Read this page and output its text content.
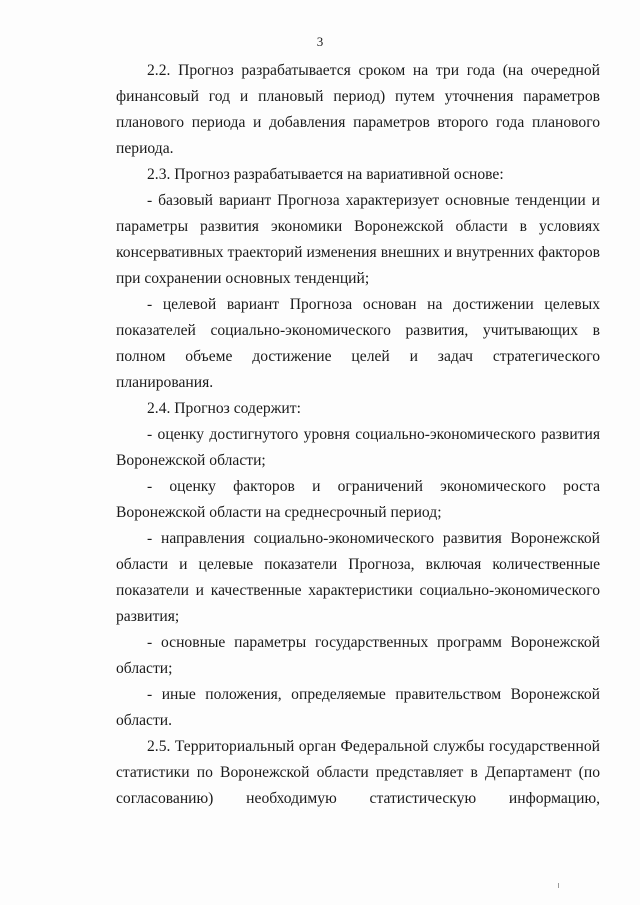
3

2.2. Прогноз разрабатывается сроком на три года (на очередной финансовый год и плановый период) путем уточнения параметров планового периода и добавления параметров второго года планового периода.

2.3. Прогноз разрабатывается на вариативной основе:

- базовый вариант Прогноза характеризует основные тенденции и параметры развития экономики Воронежской области в условиях консервативных траекторий изменения внешних и внутренних факторов при сохранении основных тенденций;

- целевой вариант Прогноза основан на достижении целевых показателей социально-экономического развития, учитывающих в полном объеме достижение целей и задач стратегического планирования.

2.4. Прогноз содержит:

- оценку достигнутого уровня социально-экономического развития Воронежской области;

- оценку факторов и ограничений экономического роста Воронежской области на среднесрочный период;

- направления социально-экономического развития Воронежской области и целевые показатели Прогноза, включая количественные показатели и качественные характеристики социально-экономического развития;

- основные параметры государственных программ Воронежской области;

- иные положения, определяемые правительством Воронежской области.

2.5. Территориальный орган Федеральной службы государственной статистики по Воронежской области представляет в Департамент (по согласованию) необходимую статистическую информацию,
